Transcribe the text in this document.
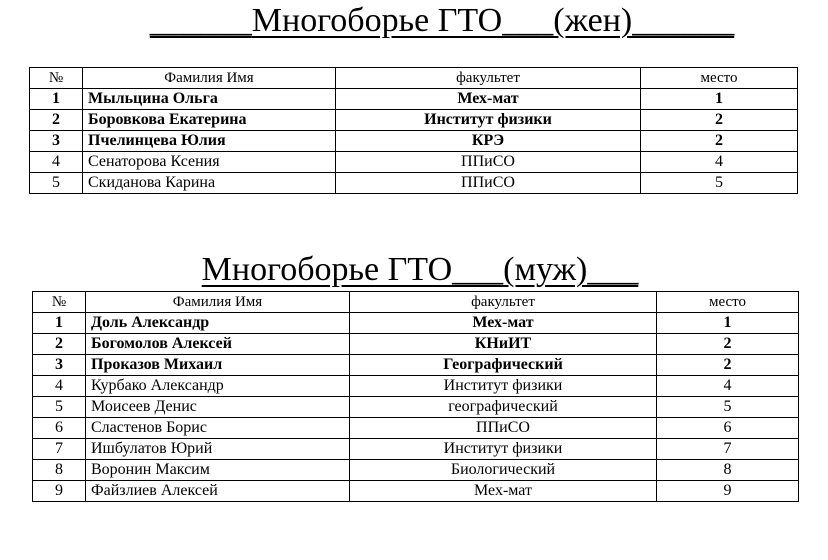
______Многоборье ГТО___(жен)______
№	Фамилия Имя	факультет	место
1	Мыльцина Ольга	Мех-мат	1
2	Боровкова Екатерина	Институт физики	2
3	Пчелинцева Юлия	КРЭ	2
4	Сенаторова Ксения	ППиСО	4
5	Скиданова Карина	ППиСО	5
Многоборье ГТО___(муж)___
№	Фамилия Имя	факультет	место
1	Доль Александр	Мех-мат	1
2	Богомолов Алексей	КНиИТ	2
3	Проказов Михаил	Географический	2
4	Курбако Александр	Институт физики	4
5	Моисеев Денис	географический	5
6	Сластенов Борис	ППиСО	6
7	Ишбулатов Юрий	Институт физики	7
8	Воронин Максим	Биологический	8
9	Файзлиев Алексей	Мех-мат	9
